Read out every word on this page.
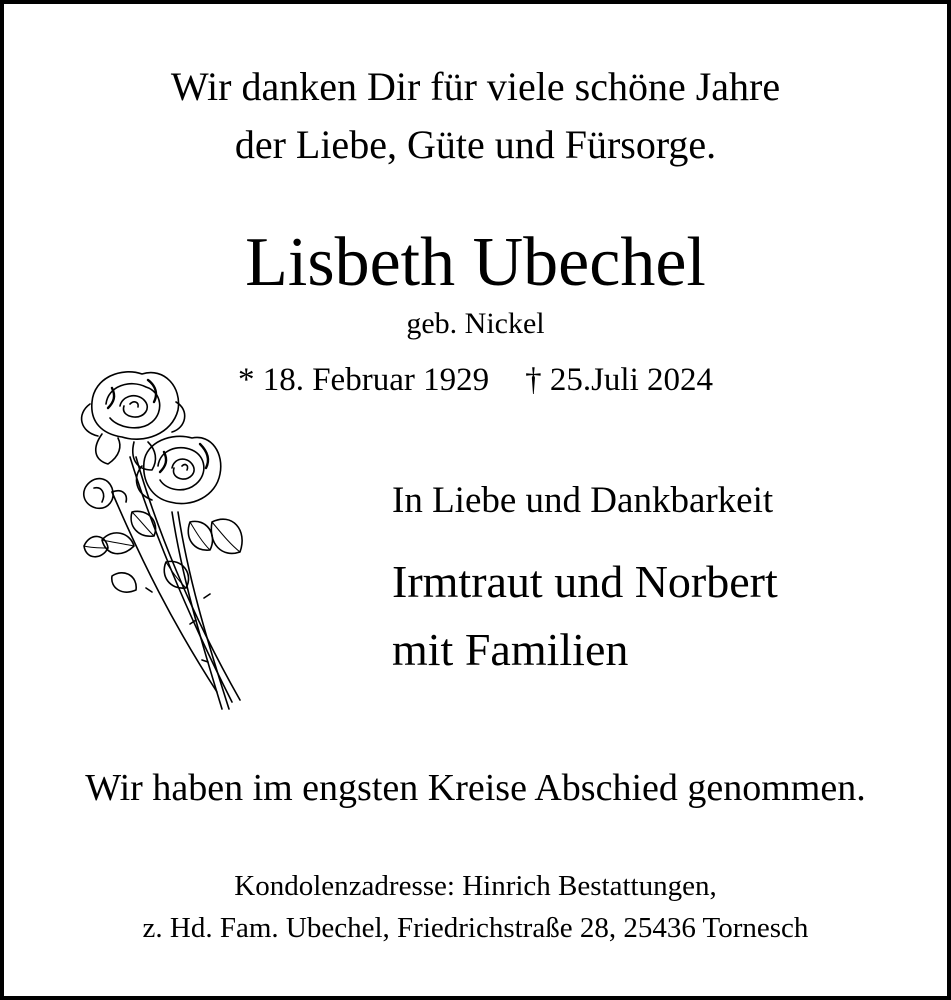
Wir danken Dir für viele schöne Jahre
der Liebe, Güte und Fürsorge.
Lisbeth Ubechel
geb. Nickel
* 18. Februar 1929 † 25.Juli 2024
In Liebe und Dankbarkeit
Irmtraut und Norbert
mit Familien
Wir haben im engsten Kreise Abschied genommen.
Kondolenzadresse: Hinrich Bestattungen,
z. Hd. Fam. Ubechel, Friedrichstraße 28, 25436 Tornesch
